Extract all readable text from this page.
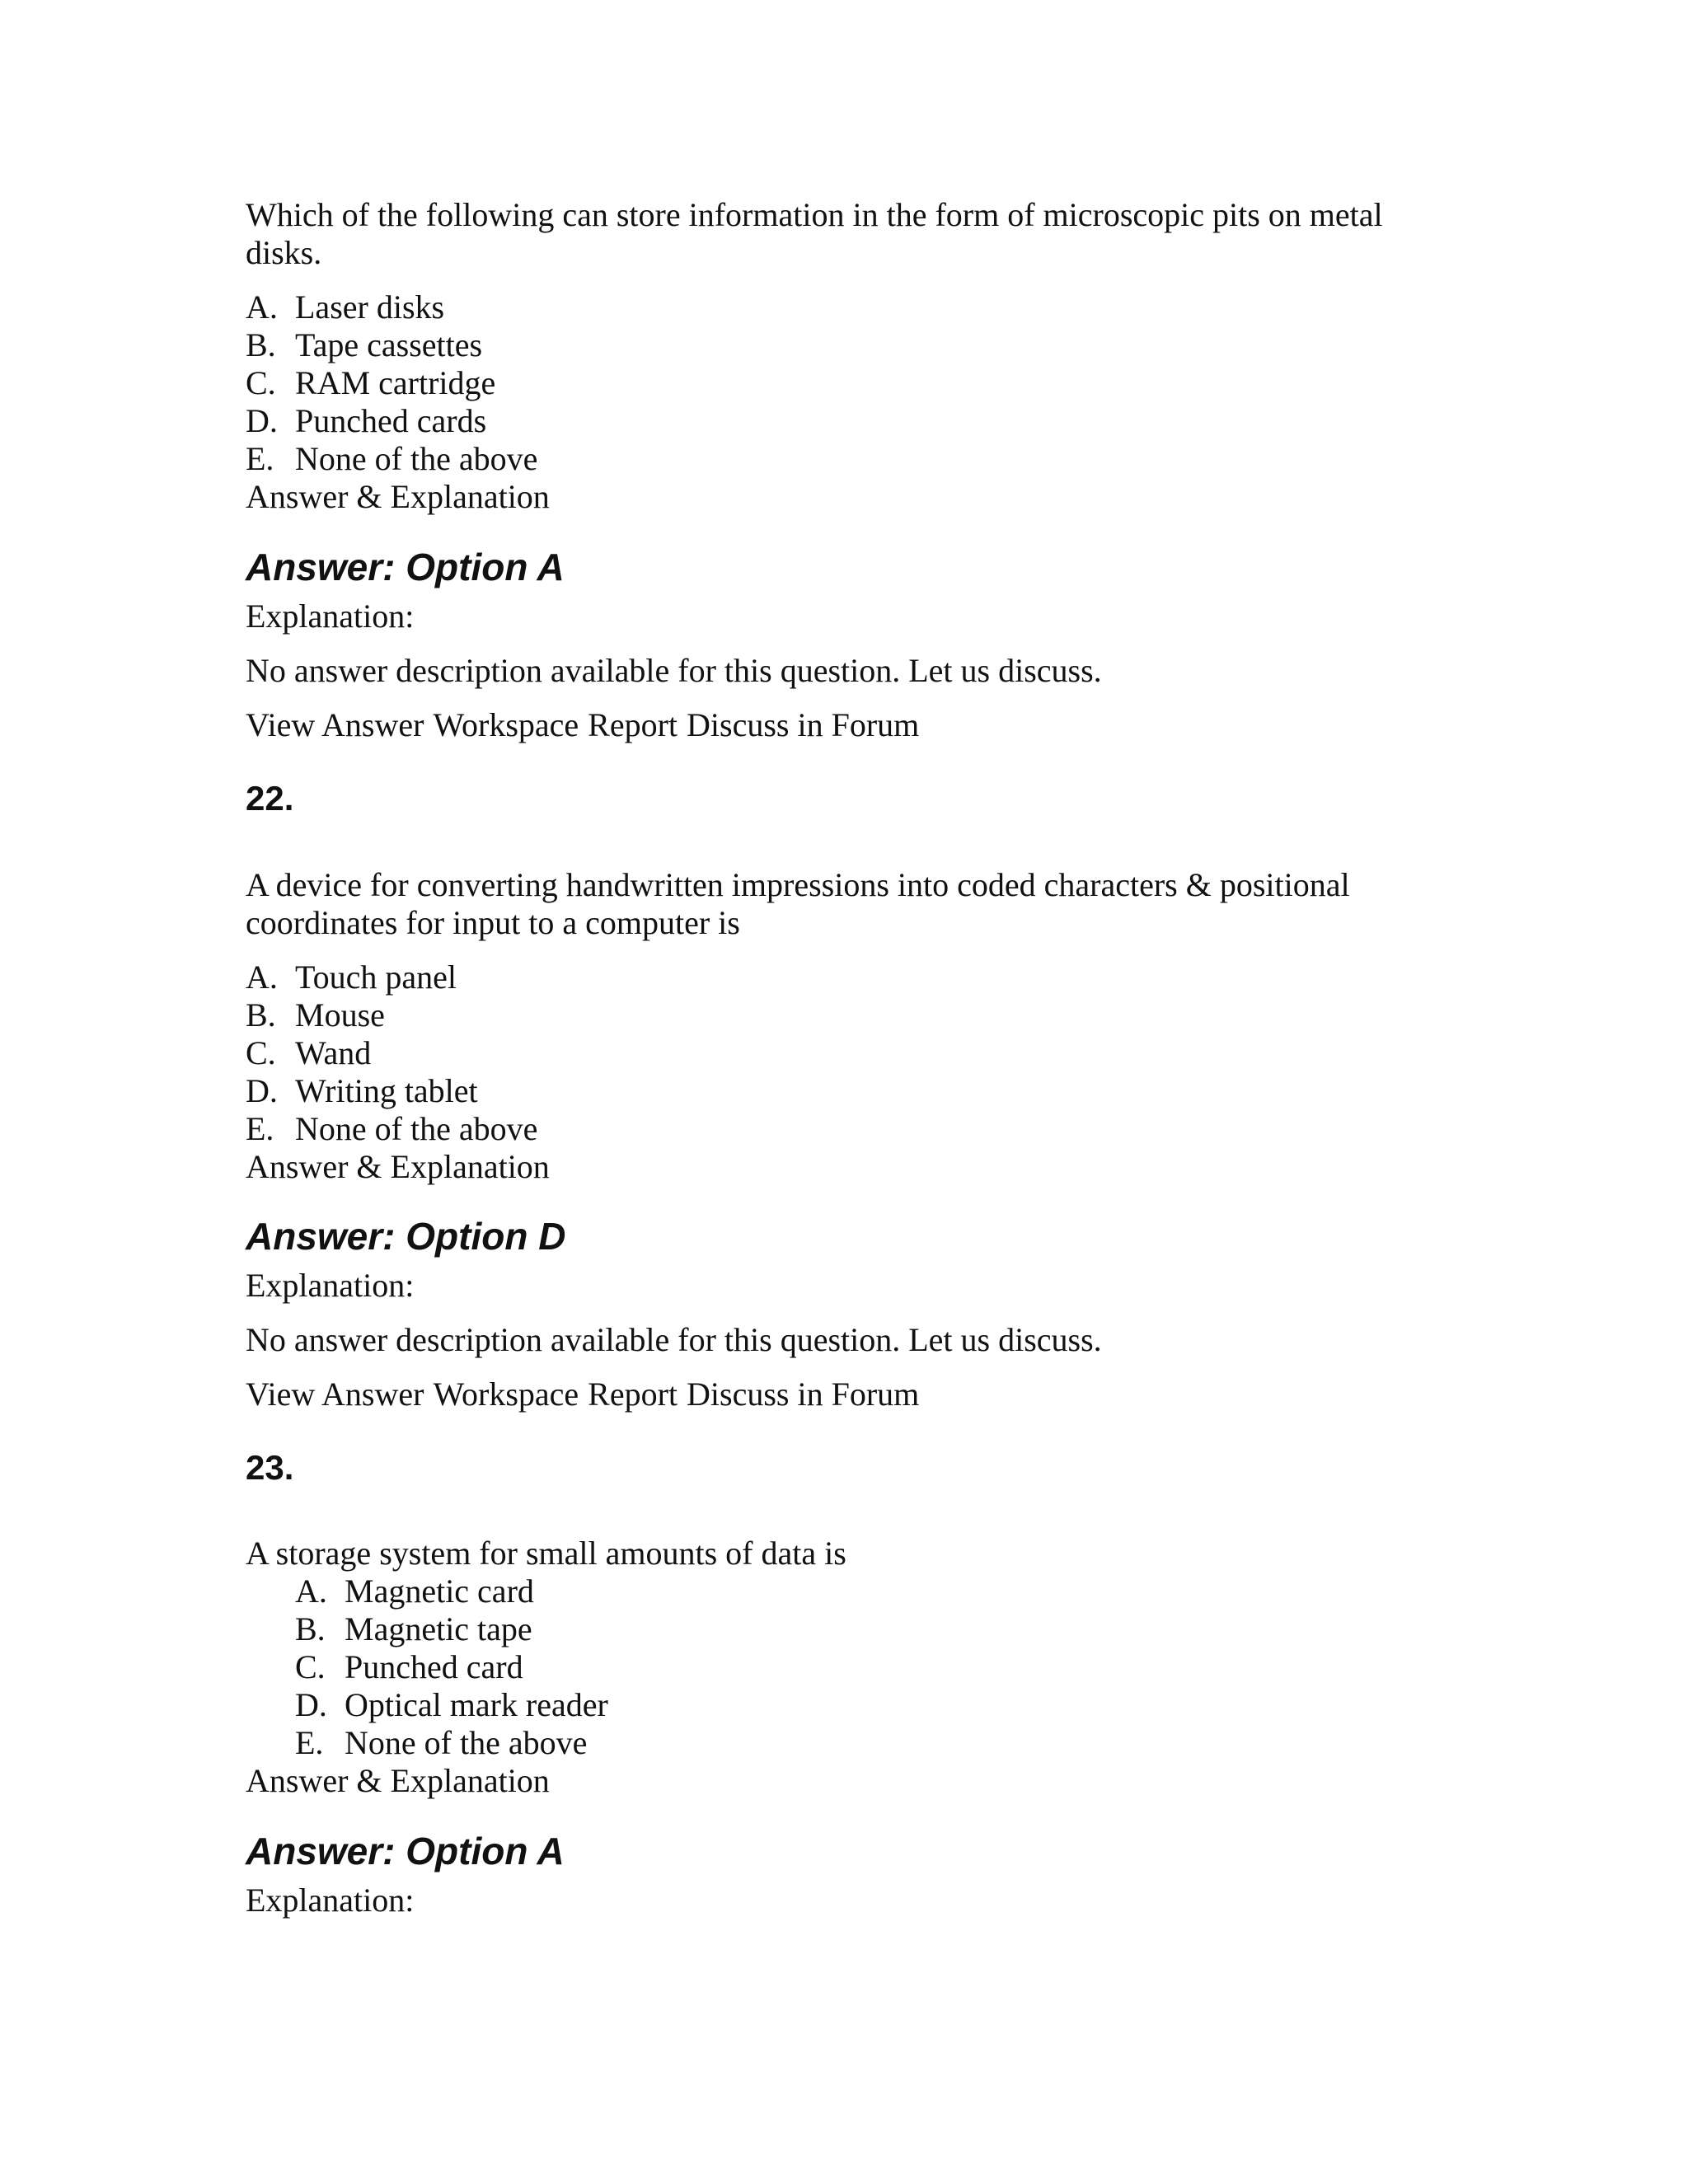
Which of the following can store information in the form of microscopic pits on metal disks.

A. Laser disks
B. Tape cassettes
C. RAM cartridge
D. Punched cards
E. None of the above
Answer & Explanation

Answer: Option A

Explanation:

No answer description available for this question. Let us discuss.

View Answer Workspace Report Discuss in Forum

22.

A device for converting handwritten impressions into coded characters & positional coordinates for input to a computer is

A. Touch panel
B. Mouse
C. Wand
D. Writing tablet
E. None of the above
Answer & Explanation

Answer: Option D

Explanation:

No answer description available for this question. Let us discuss.

View Answer Workspace Report Discuss in Forum

23.

A storage system for small amounts of data is

A. Magnetic card
B. Magnetic tape
C. Punched card
D. Optical mark reader
E. None of the above
Answer & Explanation

Answer: Option A

Explanation:
